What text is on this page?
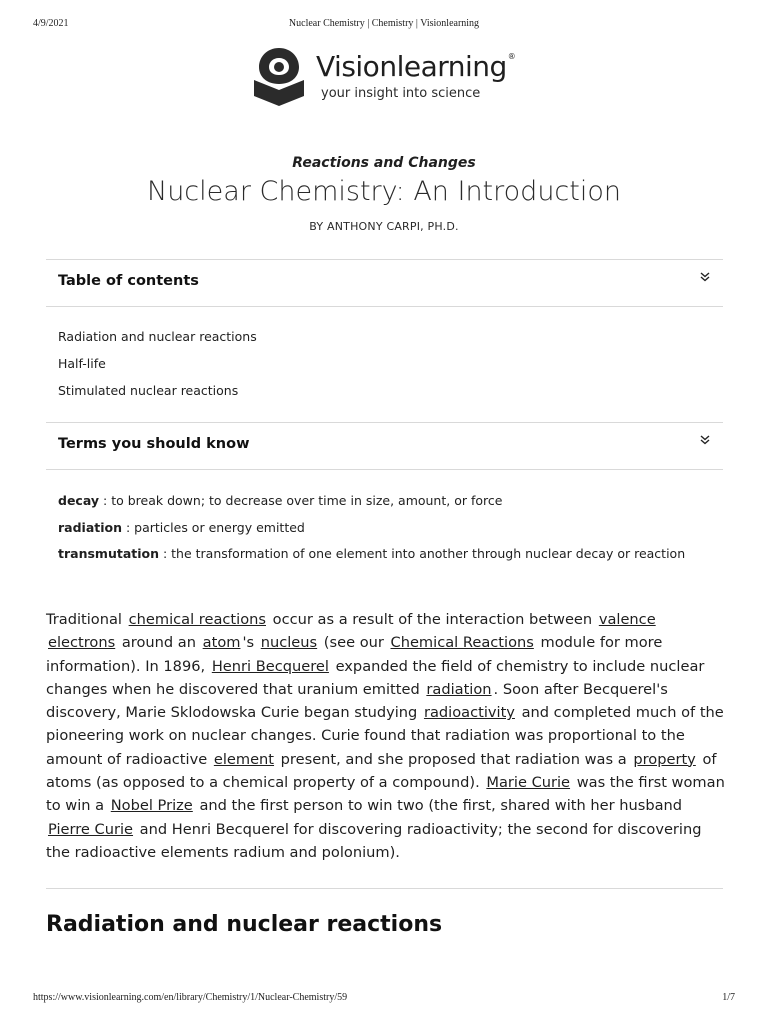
4/9/2021	Nuclear Chemistry | Chemistry | Visionlearning
Visionlearning®
your insight into science
Reactions and Changes
Nuclear Chemistry: An Introduction
BY ANTHONY CARPI, PH.D.
Table of contents
Radiation and nuclear reactions
Half-life
Stimulated nuclear reactions
Terms you should know
decay : to break down; to decrease over time in size, amount, or force
radiation : particles or energy emitted
transmutation : the transformation of one element into another through nuclear decay or reaction
Traditional chemical reactions occur as a result of the interaction between valence electrons around an atom 's nucleus (see our Chemical Reactions module for more information). In 1896, Henri Becquerel expanded the field of chemistry to include nuclear changes when he discovered that uranium emitted radiation . Soon after Becquerel's discovery, Marie Sklodowska Curie began studying radioactivity and completed much of the pioneering work on nuclear changes. Curie found that radiation was proportional to the amount of radioactive element present, and she proposed that radiation was a property of atoms (as opposed to a chemical property of a compound). Marie Curie was the first woman to win a Nobel Prize and the first person to win two (the first, shared with her husband Pierre Curie and Henri Becquerel for discovering radioactivity; the second for discovering the radioactive elements radium and polonium).
Radiation and nuclear reactions
https://www.visionlearning.com/en/library/Chemistry/1/Nuclear-Chemistry/59	1/7
